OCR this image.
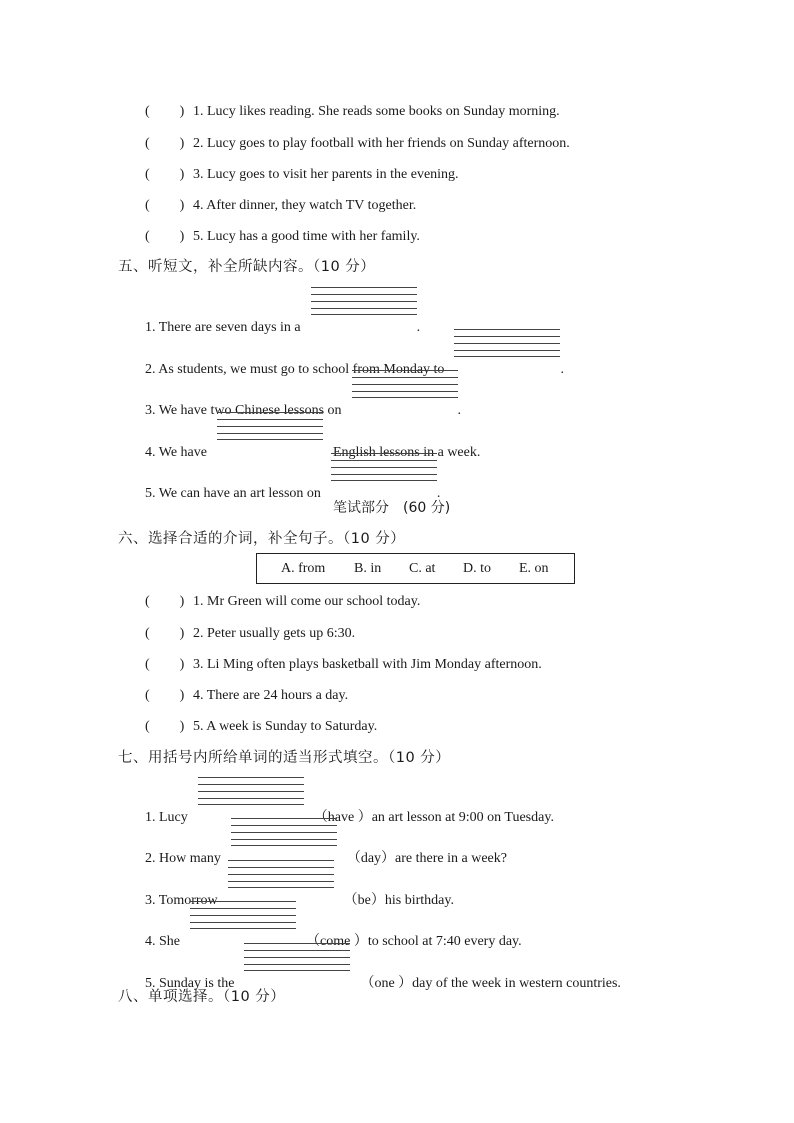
( ) 1. Lucy likes reading. She reads some books on Sunday morning.
( ) 2. Lucy goes to play football with her friends on Sunday afternoon.
( ) 3. Lucy goes to visit her parents in the evening.
( ) 4. After dinner, they watch TV together.
( ) 5. Lucy has a good time with her family.
五、听短文，补全所缺内容。（10 分）
1. There are seven days in a	.
2. As students, we must go to school from Monday to	.
3. We have two Chinese lessons on	.
4. We have	English lessons in a week.
5. We can have an art lesson on	.
笔试部分　(60 分)
六、选择合适的介词，补全句子。（10 分）
A. from B. in C. at D. to E. on
( ) 1. Mr Green will come our school today.
( ) 2. Peter usually gets up 6:30.
( ) 3. Li Ming often plays basketball with Jim Monday afternoon.
( ) 4. There are 24 hours a day.
( ) 5. A week is Sunday to Saturday.
七、用括号内所给单词的适当形式填空。（10 分）
1. Lucy	（have ）an art lesson at 9:00 on Tuesday.
2. How many	（day）are there in a week?
3. Tomorrow	（be）his birthday.
4. She	（come ）to school at 7:40 every day.
5. Sunday is the	（one ）day of the week in western countries.
八、单项选择。（10 分）
